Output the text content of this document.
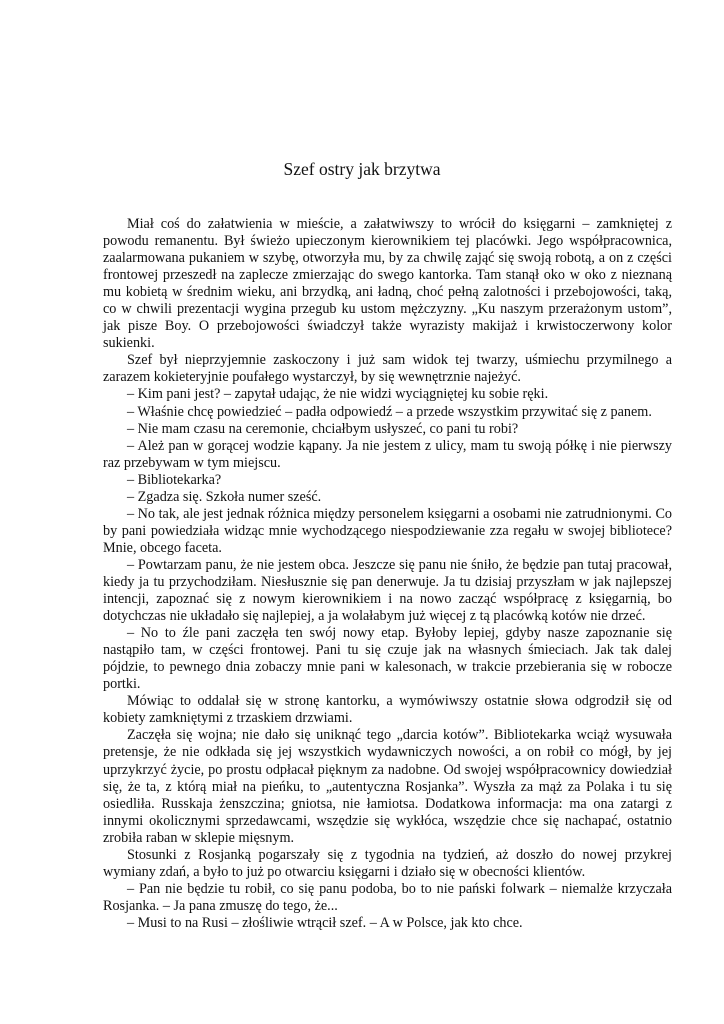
Szef ostry jak brzytwa

Miał coś do załatwienia w mieście, a załatwiwszy to wrócił do księgarni – zamkniętej z powodu remanentu. Był świeżo upieczonym kierownikiem tej placówki. Jego współpracownica, zaalarmowana pukaniem w szybę, otworzyła mu, by za chwilę zająć się swoją robotą, a on z części frontowej przeszedł na zaplecze zmierzając do swego kantorka. Tam stanął oko w oko z nieznaną mu kobietą w średnim wieku, ani brzydką, ani ładną, choć pełną zalotności i przebojowości, taką, co w chwili prezentacji wygina przegub ku ustom mężczyzny. „Ku naszym przerażonym ustom”, jak pisze Boy. O przebojowości świadczył także wyrazisty makijaż i krwistoczerwony kolor sukienki.

Szef był nieprzyjemnie zaskoczony i już sam widok tej twarzy, uśmiechu przymilnego a zarazem kokieteryjnie poufałego wystarczył, by się wewnętrznie najeżyć.

– Kim pani jest? – zapytał udając, że nie widzi wyciągniętej ku sobie ręki.

– Właśnie chcę powiedzieć – padła odpowiedź – a przede wszystkim przywitać się z panem.

– Nie mam czasu na ceremonie, chciałbym usłyszeć, co pani tu robi?

– Ależ pan w gorącej wodzie kąpany. Ja nie jestem z ulicy, mam tu swoją półkę i nie pierwszy raz przebywam w tym miejscu.

– Bibliotekarka?

– Zgadza się. Szkoła numer sześć.

– No tak, ale jest jednak różnica między personelem księgarni a osobami nie zatrudnionymi. Co by pani powiedziała widząc mnie wychodzącego niespodziewanie zza regału w swojej bibliotece? Mnie, obcego faceta.

– Powtarzam panu, że nie jestem obca. Jeszcze się panu nie śniło, że będzie pan tutaj pracował, kiedy ja tu przychodziłam. Niesłusznie się pan denerwuje. Ja tu dzisiaj przyszłam w jak najlepszej intencji, zapoznać się z nowym kierownikiem i na nowo zacząć współpracę z księgarnią, bo dotychczas nie układało się najlepiej, a ja wolałabym już więcej z tą placówką kotów nie drzeć.

– No to źle pani zaczęła ten swój nowy etap. Byłoby lepiej, gdyby nasze zapoznanie się nastąpiło tam, w części frontowej. Pani tu się czuje jak na własnych śmieciach. Jak tak dalej pójdzie, to pewnego dnia zobaczy mnie pani w kalesonach, w trakcie przebierania się w roboczе portki.

Mówiąc to oddalał się w stronę kantorku, a wymówiwszy ostatnie słowa odgrodził się od kobiety zamkniętymi z trzaskiem drzwiami.

Zaczęła się wojna; nie dało się uniknąć tego „darcia kotów”. Bibliotekarka wciąż wysuwała pretensje, że nie odkłada się jej wszystkich wydawniczych nowości, a on robił co mógł, by jej uprzykrzyć życie, po prostu odpłacał pięknym za nadobne. Od swojej współpracownicy dowiedział się, że ta, z którą miał na pieńku, to „autentyczna Rosjanka”. Wyszła za mąż za Polaka i tu się osiedliła. Russkaja żenszczina; gniotsa, nie łamiotsa. Dodatkowa informacja: ma ona zatargi z innymi okolicznymi sprzedawcami, wszędzie się wykłóca, wszędzie chce się nachapać, ostatnio zrobiła raban w sklepie mięsnym.

Stosunki z Rosjanką pogarszały się z tygodnia na tydzień, aż doszło do nowej przykrej wymiany zdań, a było to już po otwarciu księgarni i działo się w obecności klientów.

– Pan nie będzie tu robił, co się panu podoba, bo to nie pański folwark – niemalże krzyczała Rosjanka. – Ja pana zmuszę do tego, że...

– Musi to na Rusi – złośliwie wtrącił szef. – A w Polsce, jak kto chce.
